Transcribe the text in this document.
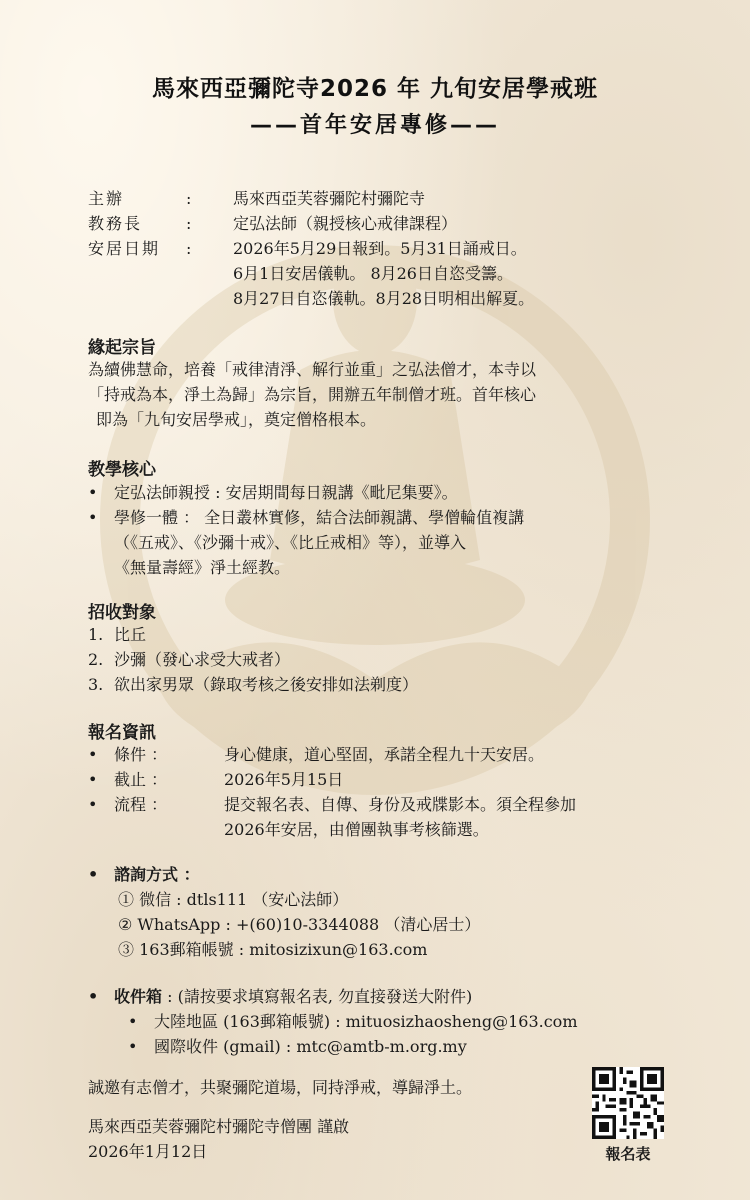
馬來西亞彌陀寺2026 年 九旬安居學戒班
——首年安居專修——
主辦	:	馬來西亞芙蓉彌陀村彌陀寺
教務長	:	定弘法師（親授核心戒律課程）
安居日期	:	2026年5月29日報到。5月31日誦戒日。
6月1日安居儀軌。 8月26日自恣受籌。
8月27日自恣儀軌。8月28日明相出解夏。
緣起宗旨
為續佛慧命，培養「戒律清淨、解行並重」之弘法僧才，本寺以
「持戒為本，淨土為歸」為宗旨，開辦五年制僧才班。首年核心
即為「九旬安居學戒」，奠定僧格根本。
教學核心
•	定弘法師親授 : 安居期間每日親講《毗尼集要》。
•	學修一體 ： 全日叢林實修，結合法師親講、學僧輪值複講
（《五戒》、《沙彌十戒》、《比丘戒相》等），並導入
《無量壽經》淨土經教。
招收對象
1. 比丘
2. 沙彌（發心求受大戒者）
3. 欲出家男眾（錄取考核之後安排如法剃度）
報名資訊
•	條件 ：	身心健康，道心堅固，承諾全程九十天安居。
•	截止 ：	2026年5月15日
•	流程 ：	提交報名表、自傳、身份及戒牒影本。須全程參加
2026年安居，由僧團執事考核篩選。
• 諮詢方式 ：
① 微信 : dtls111 （安心法師）
② WhatsApp : +(60)10-3344088 （清心居士）
③ 163郵箱帳號 : mitosizixun@163.com
• 收件箱 : (請按要求填寫報名表, 勿直接發送大附件)
•	大陸地區 (163郵箱帳號) : mituosizhaosheng@163.com
•	國際收件 (gmail) : mtc@amtb-m.org.my
誠邀有志僧才，共聚彌陀道場，同持淨戒，導歸淨土。
馬來西亞芙蓉彌陀村彌陀寺僧團 謹啟
2026年1月12日	報名表
